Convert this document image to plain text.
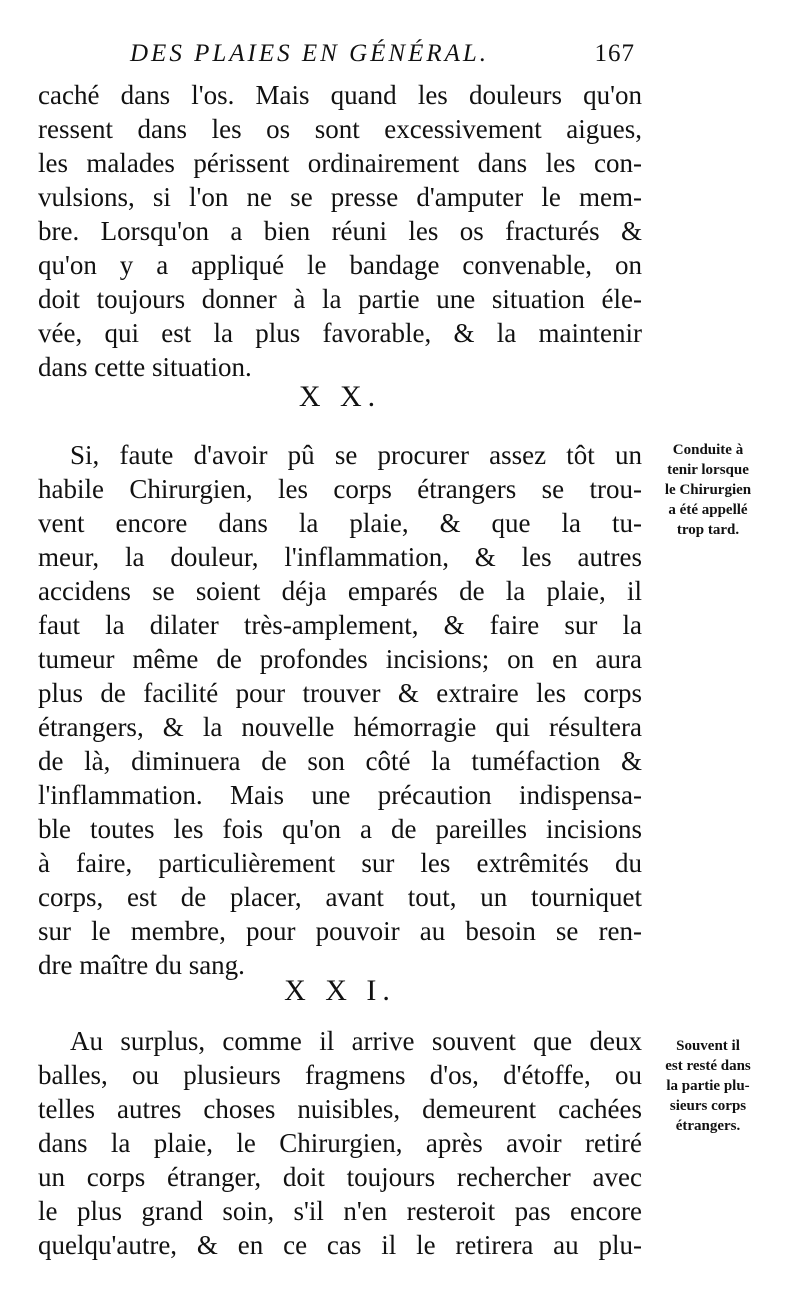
DES PLAIES EN GÉNÉRAL.	167
caché dans l'os. Mais quand les douleurs qu'on
ressent dans les os sont excessivement aigues,
les malades périssent ordinairement dans les con-
vulsions, si l'on ne se presse d'amputer le mem-
bre. Lorsqu'on a bien réuni les os fracturés &
qu'on y a appliqué le bandage convenable, on
doit toujours donner à la partie une situation éle-
vée, qui est la plus favorable, & la maintenir
dans cette situation.
X X.
Si, faute d'avoir pû se procurer assez tôt un
habile Chirurgien, les corps étrangers se trou-
vent encore dans la plaie, & que la tu-
meur, la douleur, l'inflammation, & les autres
accidens se soient déja emparés de la plaie, il
faut la dilater très-amplement, & faire sur la
tumeur même de profondes incisions; on en aura
plus de facilité pour trouver & extraire les corps
étrangers, & la nouvelle hémorragie qui résultera
de là, diminuera de son côté la tuméfaction &
l'inflammation. Mais une précaution indispensa-
ble toutes les fois qu'on a de pareilles incisions
à faire, particulièrement sur les extrêmités du
corps, est de placer, avant tout, un tourniquet
sur le membre, pour pouvoir au besoin se ren-
dre maître du sang.
Conduite à
tenir lorsque
le Chirurgien
a été appellé
trop tard.
X X I.
Au surplus, comme il arrive souvent que deux
balles, ou plusieurs fragmens d'os, d'étoffe, ou
telles autres choses nuisibles, demeurent cachées
dans la plaie, le Chirurgien, après avoir retiré
un corps étranger, doit toujours rechercher avec
le plus grand soin, s'il n'en resteroit pas encore
quelqu'autre, & en ce cas il le retirera au plu-
Souvent il
est resté dans
la partie plu-
sieurs corps
étrangers.
